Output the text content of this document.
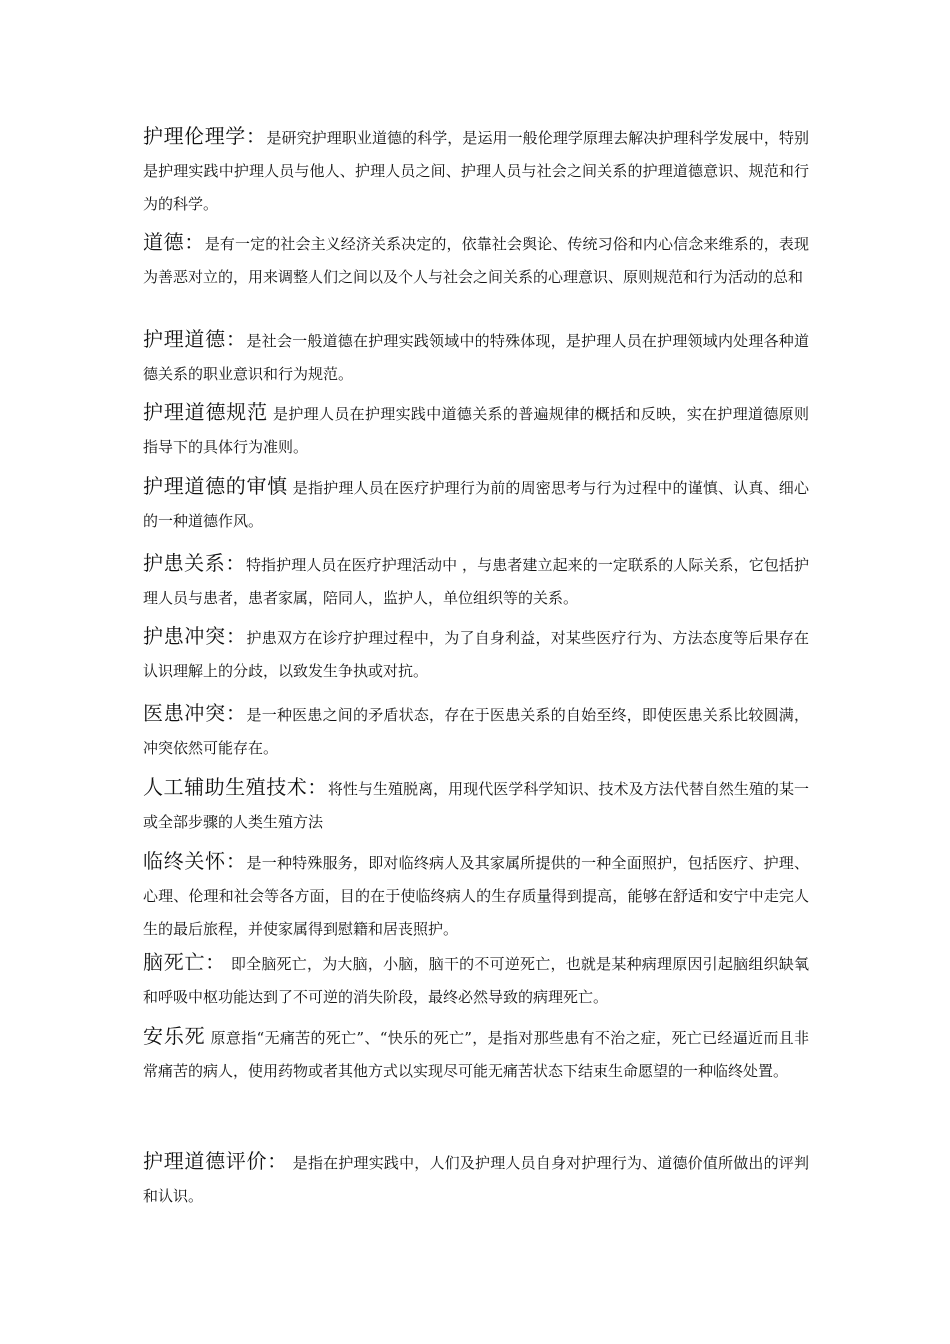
护理伦理学：是研究护理职业道德的科学，是运用一般伦理学原理去解决护理科学发展中，特别是护理实践中护理人员与他人、护理人员之间、护理人员与社会之间关系的护理道德意识、规范和行为的科学。
道德：是有一定的社会主义经济关系决定的，依靠社会舆论、传统习俗和内心信念来维系的，表现为善恶对立的，用来调整人们之间以及个人与社会之间关系的心理意识、原则规范和行为活动的总和
护理道德：是社会一般道德在护理实践领域中的特殊体现，是护理人员在护理领域内处理各种道德关系的职业意识和行为规范。
护理道德规范 是护理人员在护理实践中道德关系的普遍规律的概括和反映，实在护理道德原则指导下的具体行为准则。
护理道德的审慎 是指护理人员在医疗护理行为前的周密思考与行为过程中的谨慎、认真、细心的一种道德作风。
护患关系：特指护理人员在医疗护理活动中 ，与患者建立起来的一定联系的人际关系，它包括护理人员与患者，患者家属，陪同人，监护人，单位组织等的关系。
护患冲突：护患双方在诊疗护理过程中，为了自身利益，对某些医疗行为、方法态度等后果存在认识理解上的分歧，以致发生争执或对抗。
医患冲突：是一种医患之间的矛盾状态，存在于医患关系的自始至终，即使医患关系比较圆满，冲突依然可能存在。
人工辅助生殖技术：将性与生殖脱离，用现代医学科学知识、技术及方法代替自然生殖的某一或全部步骤的人类生殖方法
临终关怀：是一种特殊服务，即对临终病人及其家属所提供的一种全面照护，包括医疗、护理、心理、伦理和社会等各方面，目的在于使临终病人的生存质量得到提高，能够在舒适和安宁中走完人生的最后旅程，并使家属得到慰籍和居丧照护。
脑死亡： 即全脑死亡，为大脑，小脑，脑干的不可逆死亡，也就是某种病理原因引起脑组织缺氧和呼吸中枢功能达到了不可逆的消失阶段，最终必然导致的病理死亡。
安乐死 原意指“无痛苦的死亡”、“快乐的死亡”，是指对那些患有不治之症，死亡已经逼近而且非常痛苦的病人，使用药物或者其他方式以实现尽可能无痛苦状态下结束生命愿望的一种临终处置。
护理道德评价： 是指在护理实践中，人们及护理人员自身对护理行为、道德价值所做出的评判和认识。
